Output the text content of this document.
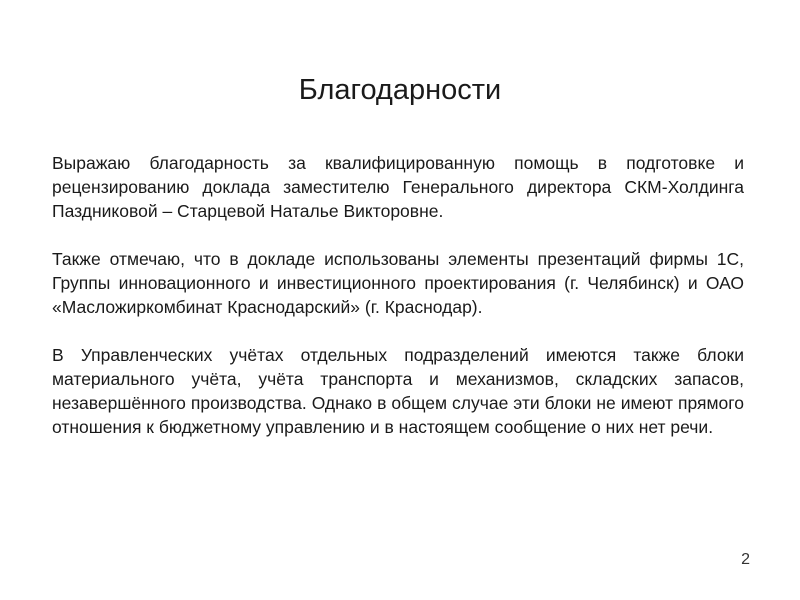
Благодарности

Выражаю благодарность за квалифицированную помощь в подготовке и рецензированию доклада заместителю Генерального директора СКМ-Холдинга Паздниковой – Старцевой Наталье Викторовне.

Также отмечаю, что в докладе использованы элементы презентаций фирмы 1С, Группы инновационного и инвестиционного проектирования (г. Челябинск) и ОАО «Масложиркомбинат Краснодарский» (г. Краснодар).

В Управленческих учётах отдельных подразделений имеются также блоки материального учёта, учёта транспорта и механизмов, складских запасов, незавершённого производства. Однако в общем случае эти блоки не имеют прямого отношения к бюджетному управлению и в настоящем сообщение о них нет речи.

2
